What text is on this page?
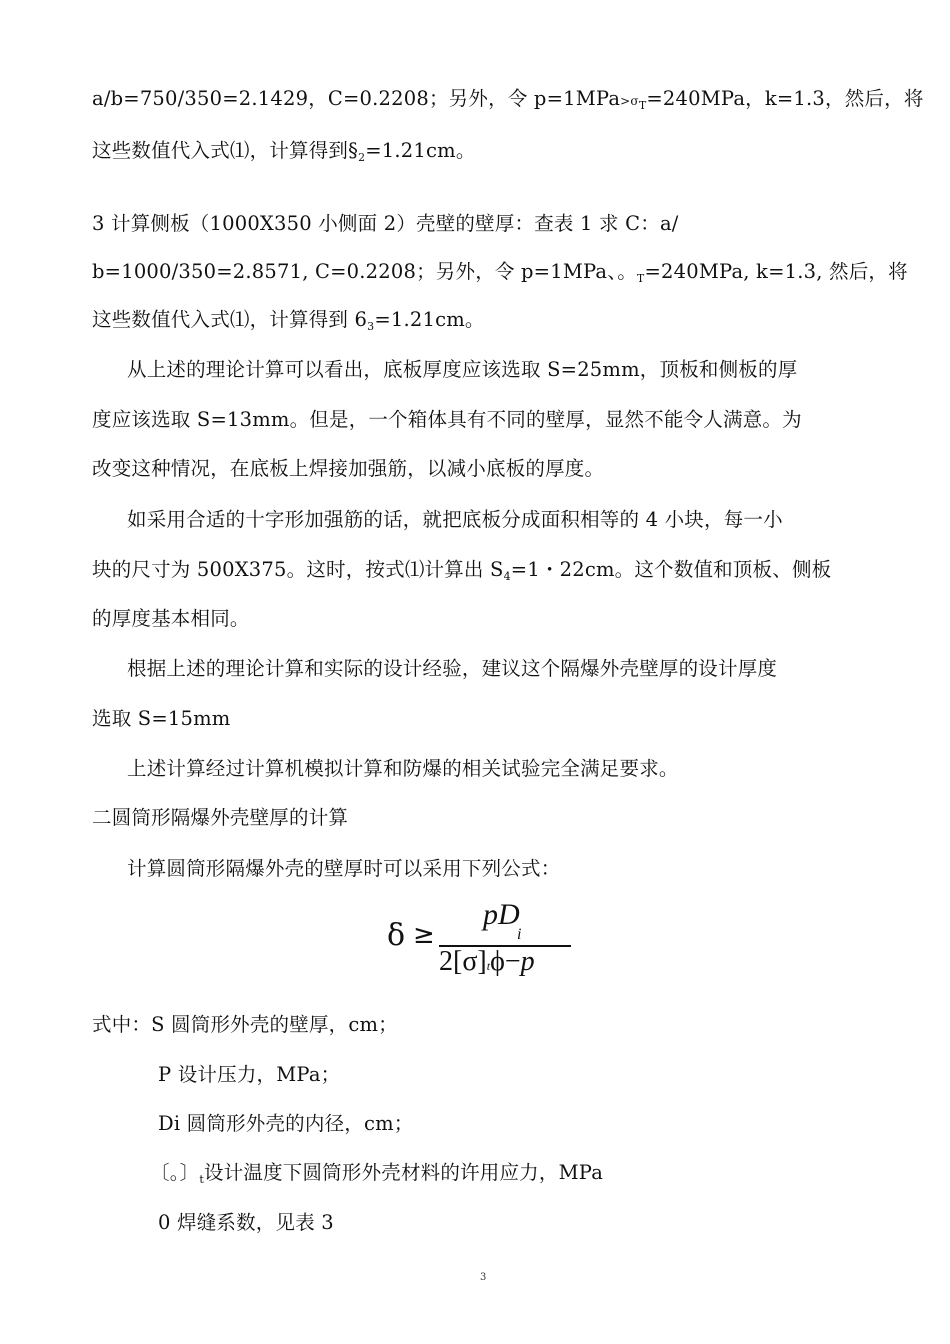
a/b=750/350=2.1429，C=0.2208；另外，令 $p=1MPa>\sigma_T=240MPa$，k=1.3，然后，将
这些数值代入式⑴，计算得到$\S_2=1.21cm$。
3 计算侧板（1000X350 小侧面 2）壳壁的壁厚：查表 1 求 C：a/
b=1000/350=2.8571, C=0.2208；另外，令 p=1MPa、。$_T$=240MPa, k=1.3, 然后，将
这些数值代入式⑴，计算得到 $6_3=1.21cm$。
从上述的理论计算可以看出，底板厚度应该选取 S=25mm，顶板和侧板的厚
度应该选取 S=13mm。但是，一个箱体具有不同的壁厚，显然不能令人满意。为
改变这种情况，在底板上焊接加强筋，以减小底板的厚度。
如采用合适的十字形加强筋的话，就把底板分成面积相等的 4 小块，每一小
块的尺寸为 500X375。这时，按式⑴计算出 $S_4=1$・22cm。这个数值和顶板、侧板
的厚度基本相同。
根据上述的理论计算和实际的设计经验，建议这个隔爆外壳壁厚的设计厚度
选取 S=15mm
上述计算经过计算机模拟计算和防爆的相关试验完全满足要求。
二圆筒形隔爆外壳壁厚的计算
计算圆筒形隔爆外壳的壁厚时可以采用下列公式：
δ ≥
pD
i
2[σ]tϕ−p
式中：S 圆筒形外壳的壁厚，cm；
P 设计压力，MPa；
Di 圆筒形外壳的内径，cm；
〔。〕$_t$设计温度下圆筒形外壳材料的许用应力，MPa
0 焊缝系数，见表 3
3
